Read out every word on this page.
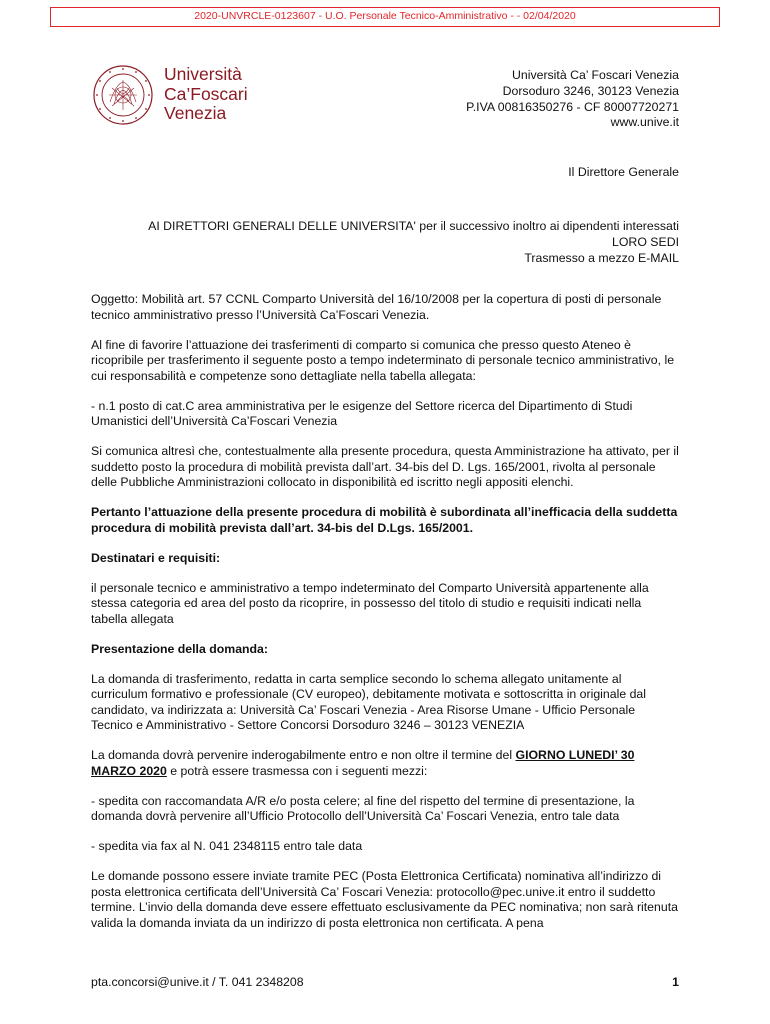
2020-UNVRCLE-0123607 - U.O. Personale Tecnico-Amministrativo - - 02/04/2020
Università
Ca’Foscari
Venezia
Università Ca’ Foscari Venezia
Dorsoduro 3246, 30123 Venezia
P.IVA 00816350276 - CF 80007720271
www.unive.it
Il Direttore Generale
AI DIRETTORI GENERALI DELLE UNIVERSITA' per il successivo inoltro ai dipendenti interessati
LORO SEDI
Trasmesso a mezzo E-MAIL

Oggetto: Mobilità art. 57 CCNL Comparto Università del 16/10/2008 per la copertura di posti di personale tecnico amministrativo presso l’Università Ca’Foscari Venezia.

Al fine di favorire l’attuazione dei trasferimenti di comparto si comunica che presso questo Ateneo è ricopribile per trasferimento il seguente posto a tempo indeterminato di personale tecnico amministrativo, le cui responsabilità e competenze sono dettagliate nella tabella allegata:

- n.1 posto di cat.C area amministrativa per le esigenze del Settore ricerca del Dipartimento di Studi Umanistici dell’Università Ca’Foscari Venezia

Si comunica altresì che, contestualmente alla presente procedura, questa Amministrazione ha attivato, per il suddetto posto la procedura di mobilità prevista dall’art. 34-bis del D. Lgs. 165/2001, rivolta al personale delle Pubbliche Amministrazioni collocato in disponibilità ed iscritto negli appositi elenchi.

Pertanto l’attuazione della presente procedura di mobilità è subordinata all’inefficacia della suddetta procedura di mobilità prevista dall’art. 34-bis del D.Lgs. 165/2001.

Destinatari e requisiti:

il personale tecnico e amministrativo a tempo indeterminato del Comparto Università appartenente alla stessa categoria ed area del posto da ricoprire, in possesso del titolo di studio e requisiti indicati nella tabella allegata

Presentazione della domanda:

La domanda di trasferimento, redatta in carta semplice secondo lo schema allegato unitamente al curriculum formativo e professionale (CV europeo), debitamente motivata e sottoscritta in originale dal candidato, va indirizzata a: Università Ca’ Foscari Venezia - Area Risorse Umane - Ufficio Personale Tecnico e Amministrativo - Settore Concorsi Dorsoduro 3246 – 30123 VENEZIA

La domanda dovrà pervenire inderogabilmente entro e non oltre il termine del GIORNO LUNEDI’ 30 MARZO 2020 e potrà essere trasmessa con i seguenti mezzi:

- spedita con raccomandata A/R e/o posta celere; al fine del rispetto del termine di presentazione, la domanda dovrà pervenire all’Ufficio Protocollo dell’Università Ca’ Foscari Venezia, entro tale data

- spedita via fax al N. 041 2348115 entro tale data

Le domande possono essere inviate tramite PEC (Posta Elettronica Certificata) nominativa all’indirizzo di posta elettronica certificata dell’Università Ca’ Foscari Venezia: protocollo@pec.unive.it entro il suddetto termine. L’invio della domanda deve essere effettuato esclusivamente da PEC nominativa; non sarà ritenuta valida la domanda inviata da un indirizzo di posta elettronica non certificata. A pena

pta.concorsi@unive.it / T. 041 2348208	1
